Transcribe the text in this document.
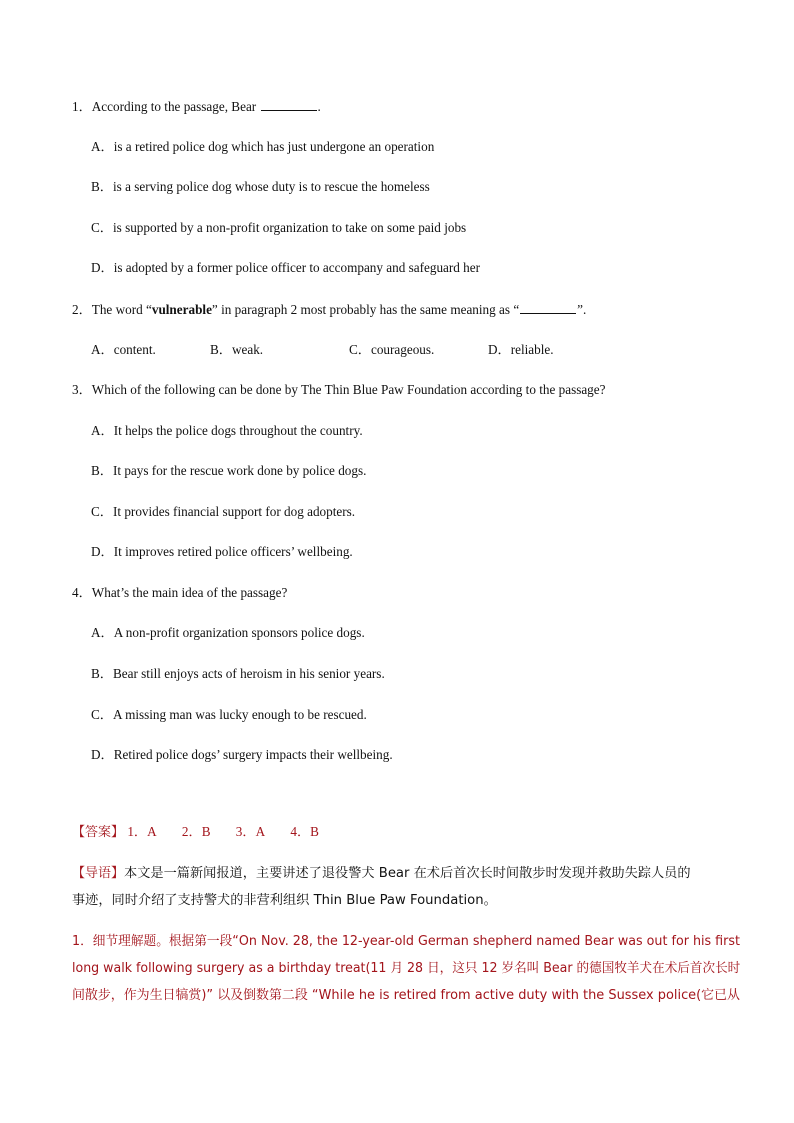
1．According to the passage, Bear	.
A．is a retired police dog which has just undergone an operation
B．is a serving police dog whose duty is to rescue the homeless
C．is supported by a non-profit organization to take on some paid jobs
D．is adopted by a former police officer to accompany and safeguard her
2．The word “vulnerable” in paragraph 2 most probably has the same meaning as “	”.
A．content.	B．weak.	C．courageous.	D．reliable.
3．Which of the following can be done by The Thin Blue Paw Foundation according to the passage?
A．It helps the police dogs throughout the country.
B．It pays for the rescue work done by police dogs.
C．It provides financial support for dog adopters.
D．It improves retired police officers’ wellbeing.
4．What’s the main idea of the passage?
A．A non-profit organization sponsors police dogs.
B．Bear still enjoys acts of heroism in his senior years.
C．A missing man was lucky enough to be rescued.
D．Retired police dogs’ surgery impacts their wellbeing.
【答案】 1．A 2．B 3．A 4．B
【导语】本文是一篇新闻报道，主要讲述了退役警犬 Bear 在术后首次长时间散步时发现并救助失踪人员的
事迹，同时介绍了支持警犬的非营利组织 Thin Blue Paw Foundation。
1．细节理解题。根据第一段“On Nov. 28, the 12-year-old German shepherd named Bear was out for his first
long walk following surgery as a birthday treat(11 月 28 日，这只 12 岁名叫 Bear 的德国牧羊犬在术后首次长时
间散步，作为生日犒赏)” 以及倒数第二段 “While he is retired from active duty with the Sussex police(它已从
